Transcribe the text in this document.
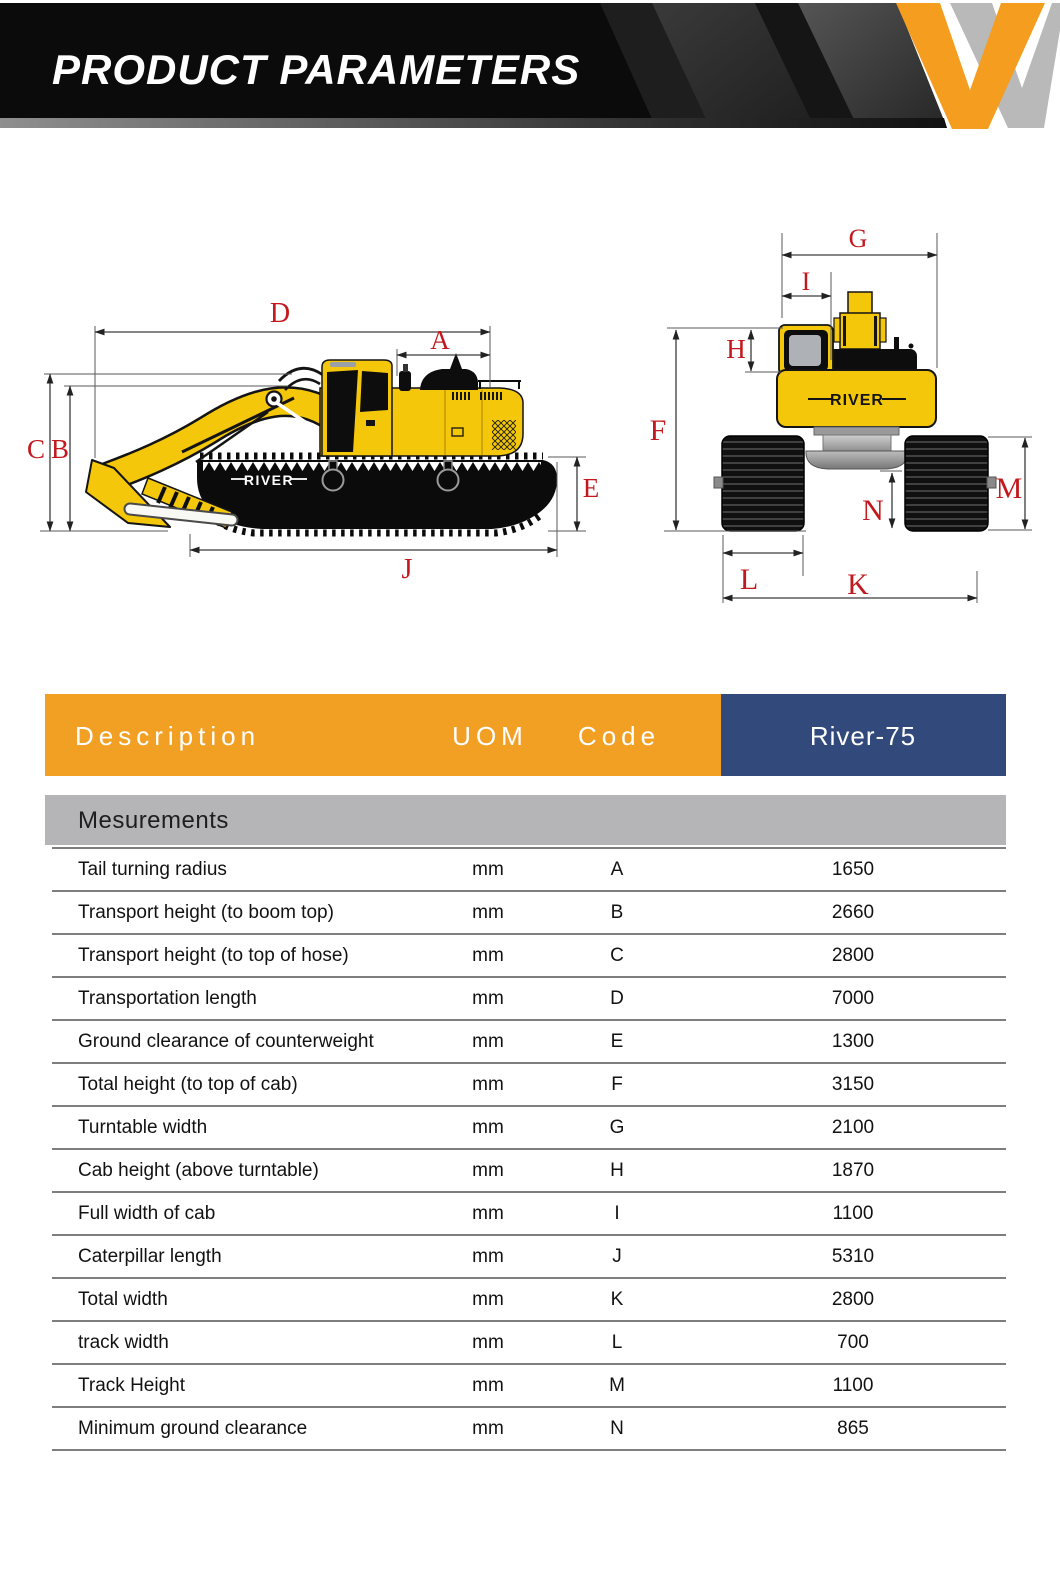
PRODUCT PARAMETERS
RIVER
RIVER
D
A
C B
E
J
G
I
H
F
M
N
L	K
Description	UOM Code	River-75
Mesurements
Tail turning radius	mm	A	1650
Transport height (to boom top)	mm	B	2660
Transport height (to top of hose)	mm	C	2800
Transportation length	mm	D	7000
Ground clearance of counterweight	mm	E	1300
Total height (to top of cab)	mm	F	3150
Turntable width	mm	G	2100
Cab height (above turntable)	mm	H	1870
Full width of cab	mm	I	1100
Caterpillar length	mm	J	5310
Total width	mm	K	2800
track width	mm	L	700
Track Height	mm	M	1100
Minimum ground clearance	mm	N	865
